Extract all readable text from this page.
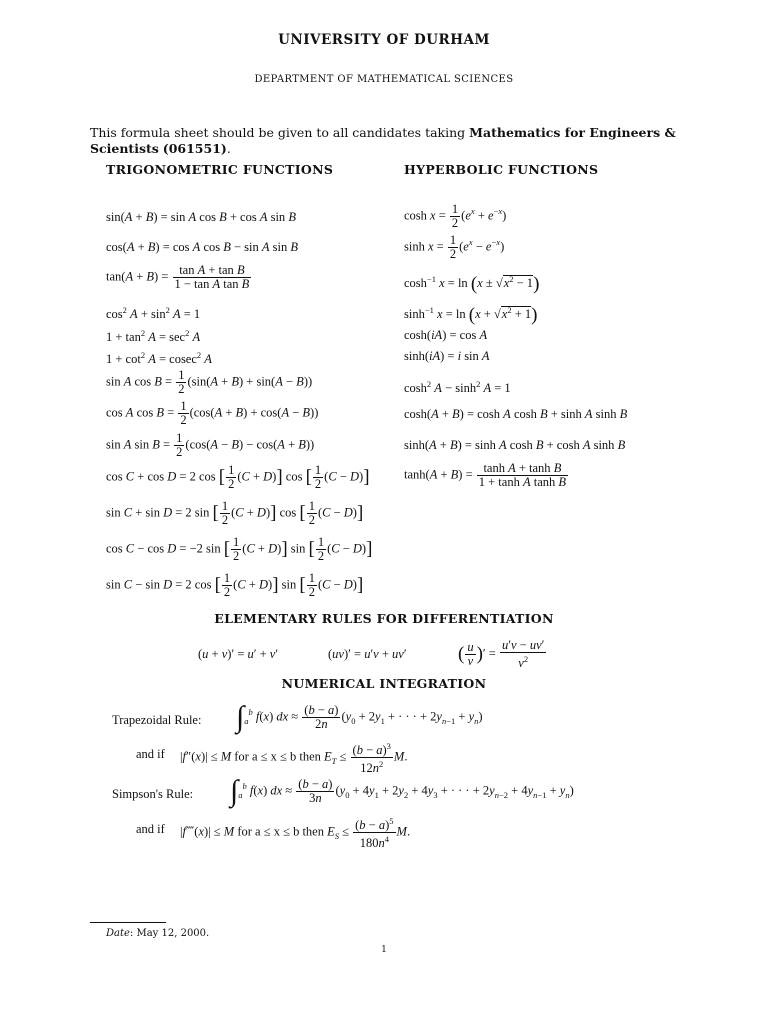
UNIVERSITY OF DURHAM
DEPARTMENT OF MATHEMATICAL SCIENCES
This formula sheet should be given to all candidates taking Mathematics for Engineers & Scientists (061551).
TRIGONOMETRIC FUNCTIONS	HYPERBOLIC FUNCTIONS
sin(A + B) = sin A cos B + cos A sin B
cos(A + B) = cos A cos B − sin A sin B
$\tan(A + B) = \frac{\text{tan A + tan B}}{\text{1 − tan A tan B}}$
$\cos^2 A + \sin^2 A = 1$
$1 + \tan^2 A = \sec^2 A$
$1 + \cot^2 A = cosec^2$ A
sin A $\cos B = \frac{1}{2} (\sin(A + B) + \sin(A - B))$
cos A $\cos B = \frac{1}{2} (\cos(A + B) + \cos(A - B))$
sin A $\sin B = \frac{1}{2} (\cos(A - B) - \cos(A + B))$
cos C + cos D = 2 cos [ $\frac{1}{2} (C + D)$] cos [ $\frac{1}{2} (C - D)$]
sin C + sin D = 2 sin [ $\frac{1}{2} (C + D)$] cos [ $\frac{1}{2} (C - D)$]
cos C − cos D = −2 sin [ $\frac{1}{2} (C + D)$] sin [ $\frac{1}{2} (C - D)$]
sin C − sin D = 2 cos [ $\frac{1}{2} (C + D)$] sin [ $\frac{1}{2} (C - D)$]
$\cosh x = \frac{1}{2} (e^x + e^{-x})$
$\sinh x = \frac{1}{2} (e^x - e^{-x})$
$\cosh^{-1} x = \ln (x \pm √x^2 - 1)$
$\sinh^{-1} x = \ln (x + √x^2 + 1)$
cosh(iA) = cos A
sinh(iA) = i sin A
$\cosh^2 A - \sinh^2 A = 1$
cosh(A + B) = cosh A cosh B + sinh A sinh B
sinh(A + B) = sinh A cosh B + cosh A sinh B
$\tanh(A + B) = \frac{\text{tanh A + tanh B}}{\text{1 + tanh A tanh B}}$
ELEMENTARY RULES FOR DIFFERENTIATION
(u + v)′ = u′ + v′	(uv)′ = u′v + uv′	( $\frac{u}{v}$ )′ = $\frac{u'v - uv'}{v^2}$
NUMERICAL INTEGRATION
Trapezoidal Rule: $\int_a^b$ f(x) dx ≈ $\frac{(b - a)}{2n} (y_0 + 2y_1$ + · · · + $2y_{n-1} + y_n$)
and if |f″(x)| ≤ M for a ≤ x ≤ b then $E_T \le \frac{(b - a)^3}{12n^2} M$.
Simpson's Rule: $\int_a^b$ f(x) dx ≈ $\frac{(b - a)}{3n} (y_0 + 4y_1 + 2y_2 + 4y_3$ + · · · + $2y_{n-2} + 4y_{n-1} + y_n$)
and if |f⁗(x)| ≤ M for a ≤ x ≤ b then $E_S \le \frac{(b - a)^5}{180n^4} M$.
Date: May 12, 2000.
1
